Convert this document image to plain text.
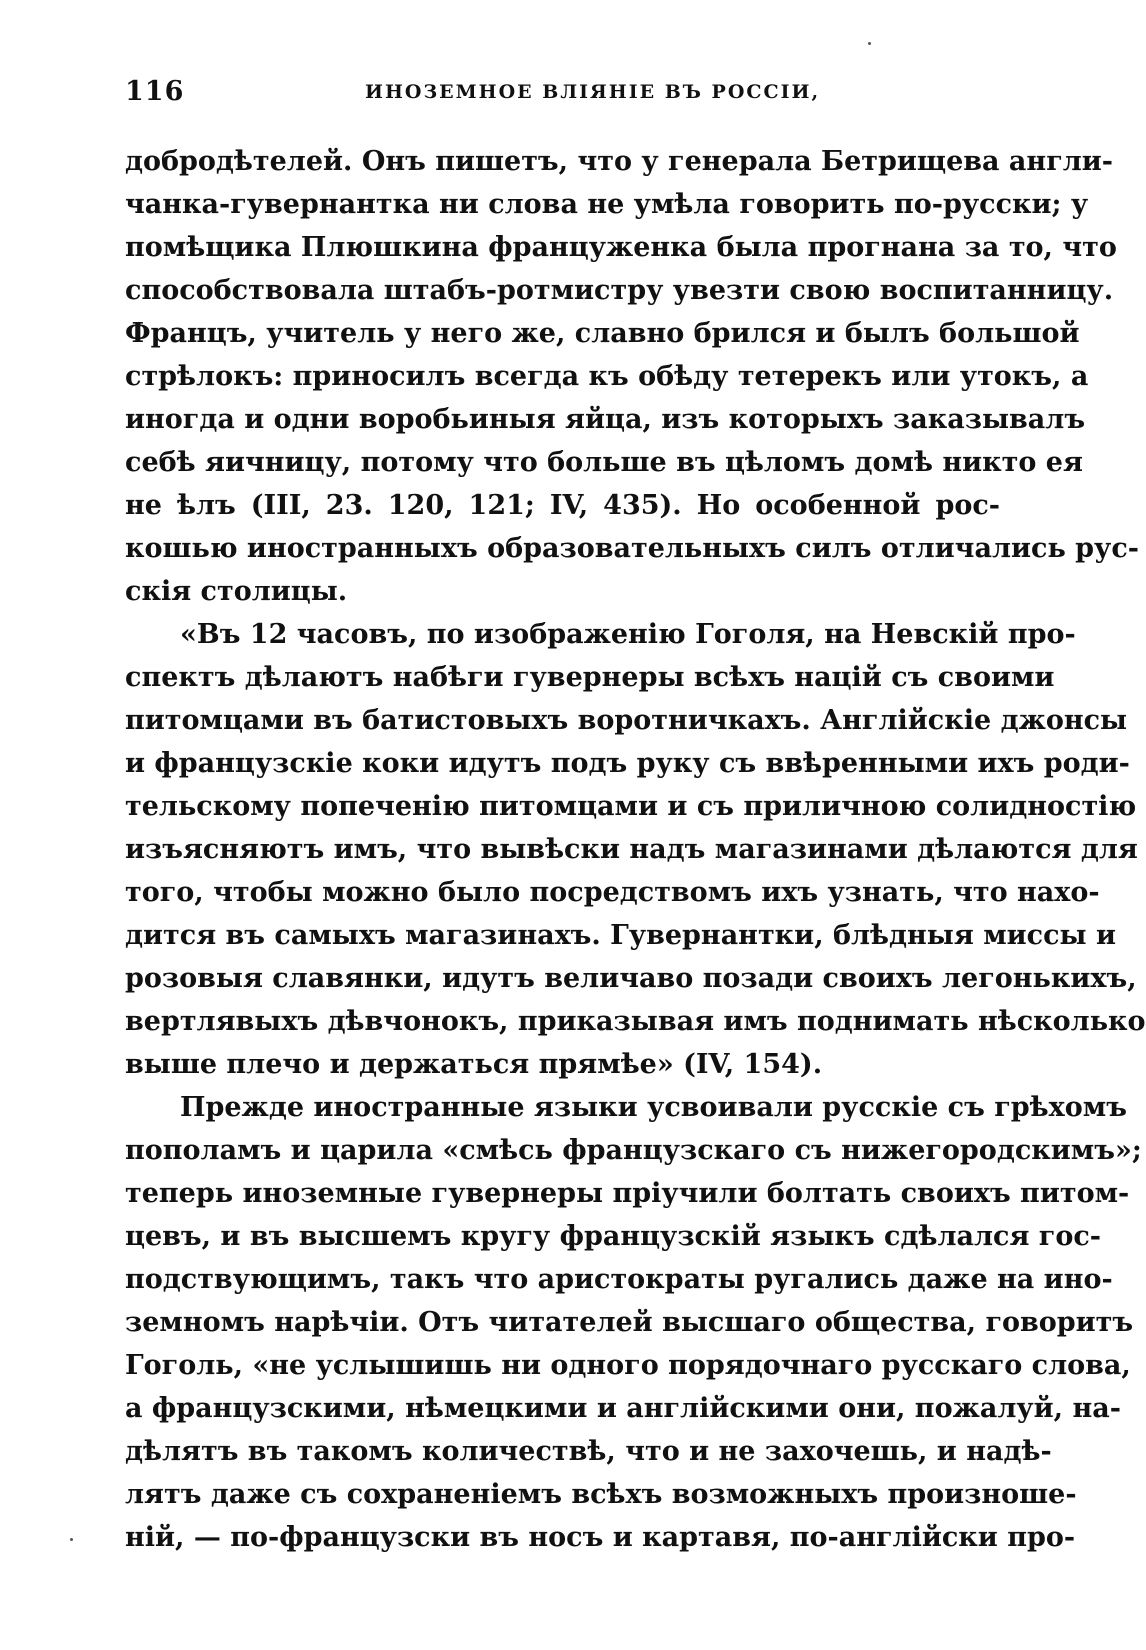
116	ИНОЗЕМНОЕ ВЛІЯНІЕ ВЪ РОССІИ,
добродѣтелей. Онъ пишетъ, что у генерала Бетрищева англи-
чанка-гувернантка ни слова не умѣла говорить по-русски; у
помѣщика Плюшкина француженка была прогнана за то, что
способствовала штабъ-ротмистру увезти свою воспитанницу.
Францъ, учитель у него же, славно брился и былъ большой
стрѣлокъ: приносилъ всегда къ обѣду тетерекъ или утокъ, а
иногда и одни воробьиныя яйца, изъ которыхъ заказывалъ
себѣ яичницу, потому что больше въ цѣломъ домѣ никто ея
не ѣлъ (III, 23. 120, 121; IV, 435). Но особенной рос-
кошью иностранныхъ образовательныхъ силъ отличались рус-
скія столицы.
«Въ 12 часовъ, по изображенію Гоголя, на Невскій про-
спектъ дѣлаютъ набѣги гувернеры всѣхъ націй съ своими
питомцами въ батистовыхъ воротничкахъ. Англійскіе джонсы
и французскіе коки идутъ подъ руку съ ввѣренными ихъ роди-
тельскому попеченію питомцами и съ приличною солидностію
изъясняютъ имъ, что вывѣски надъ магазинами дѣлаются для
того, чтобы можно было посредствомъ ихъ узнать, что нахо-
дится въ самыхъ магазинахъ. Гувернантки, блѣдныя миссы и
розовыя славянки, идутъ величаво позади своихъ легонькихъ,
вертлявыхъ дѣвчонокъ, приказывая имъ поднимать нѣсколько
выше плечо и держаться прямѣе» (IV, 154).
Прежде иностранные языки усвоивали русскіе съ грѣхомъ
пополамъ и царила «смѣсь французскаго съ нижегородскимъ»;
теперь иноземные гувернеры пріучили болтать своихъ питом-
цевъ, и въ высшемъ кругу французскій языкъ сдѣлался гос-
подствующимъ, такъ что аристократы ругались даже на ино-
земномъ нарѣчіи. Отъ читателей высшаго общества, говоритъ
Гоголь, «не услышишь ни одного порядочнаго русскаго слова,
а французскими, нѣмецкими и англійскими они, пожалуй, на-
дѣлятъ въ такомъ количествѣ, что и не захочешь, и надѣ-
лятъ даже съ сохраненіемъ всѣхъ возможныхъ произноше-
ній, — по-французски въ носъ и картавя, по-англійски про-
